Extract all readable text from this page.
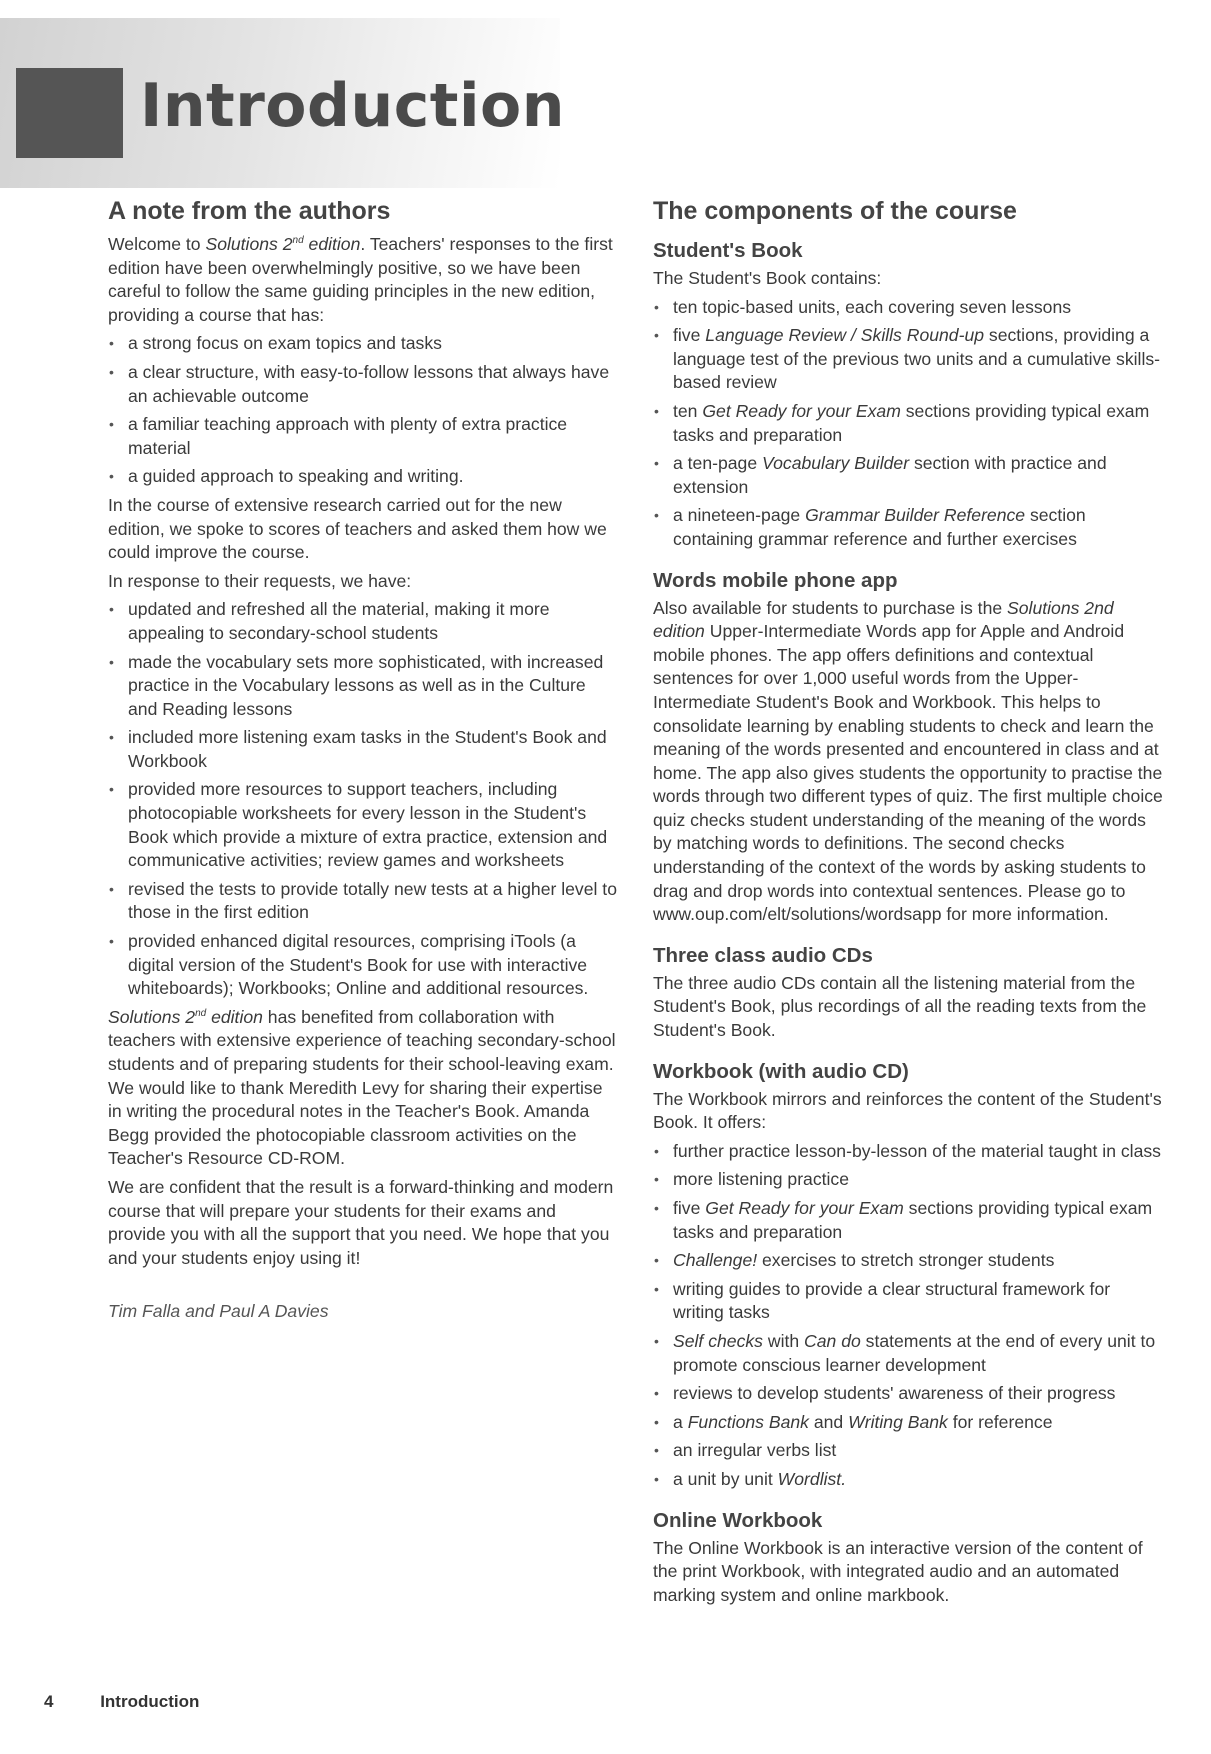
Introduction
A note from the authors

Welcome to Solutions 2nd edition. Teachers' responses to the first edition have been overwhelmingly positive, so we have been careful to follow the same guiding principles in the new edition, providing a course that has:

• a strong focus on exam topics and tasks
• a clear structure, with easy-to-follow lessons that always have an achievable outcome
• a familiar teaching approach with plenty of extra practice material
• a guided approach to speaking and writing.

In the course of extensive research carried out for the new edition, we spoke to scores of teachers and asked them how we could improve the course.

In response to their requests, we have:

• updated and refreshed all the material, making it more appealing to secondary-school students
• made the vocabulary sets more sophisticated, with increased practice in the Vocabulary lessons as well as in the Culture and Reading lessons
• included more listening exam tasks in the Student's Book and Workbook
• provided more resources to support teachers, including photocopiable worksheets for every lesson in the Student's Book which provide a mixture of extra practice, extension and communicative activities; review games and worksheets
• revised the tests to provide totally new tests at a higher level to those in the first edition
• provided enhanced digital resources, comprising iTools (a digital version of the Student's Book for use with interactive whiteboards); Workbooks; Online and additional resources.

Solutions 2nd edition has benefited from collaboration with teachers with extensive experience of teaching secondary-school students and of preparing students for their school-leaving exam. We would like to thank Meredith Levy for sharing their expertise in writing the procedural notes in the Teacher's Book. Amanda Begg provided the photocopiable classroom activities on the Teacher's Resource CD-ROM.

We are confident that the result is a forward-thinking and modern course that will prepare your students for their exams and provide you with all the support that you need. We hope that you and your students enjoy using it!

Tim Falla and Paul A Davies

The components of the course
Student's Book

The Student's Book contains:

• ten topic-based units, each covering seven lessons
• five Language Review / Skills Round-up sections, providing a language test of the previous two units and a cumulative skills-based review
• ten Get Ready for your Exam sections providing typical exam tasks and preparation
• a ten-page Vocabulary Builder section with practice and extension
• a nineteen-page Grammar Builder Reference section containing grammar reference and further exercises
Words mobile phone app

Also available for students to purchase is the Solutions 2nd edition Upper-Intermediate Words app for Apple and Android mobile phones. The app offers definitions and contextual sentences for over 1,000 useful words from the Upper-Intermediate Student's Book and Workbook. This helps to consolidate learning by enabling students to check and learn the meaning of the words presented and encountered in class and at home. The app also gives students the opportunity to practise the words through two different types of quiz. The first multiple choice quiz checks student understanding of the meaning of the words by matching words to definitions. The second checks understanding of the context of the words by asking students to drag and drop words into contextual sentences. Please go to www.oup.com/elt/solutions/wordsapp for more information.

Three class audio CDs

The three audio CDs contain all the listening material from the Student's Book, plus recordings of all the reading texts from the Student's Book.

Workbook (with audio CD)

The Workbook mirrors and reinforces the content of the Student's Book. It offers:

• further practice lesson-by-lesson of the material taught in class
• more listening practice
• five Get Ready for your Exam sections providing typical exam tasks and preparation
• Challenge! exercises to stretch stronger students
• writing guides to provide a clear structural framework for writing tasks
• Self checks with Can do statements at the end of every unit to promote conscious learner development
• reviews to develop students' awareness of their progress
• a Functions Bank and Writing Bank for reference
• an irregular verbs list
• a unit by unit Wordlist.
Online Workbook

The Online Workbook is an interactive version of the content of the print Workbook, with integrated audio and an automated marking system and online markbook.

4	Introduction
